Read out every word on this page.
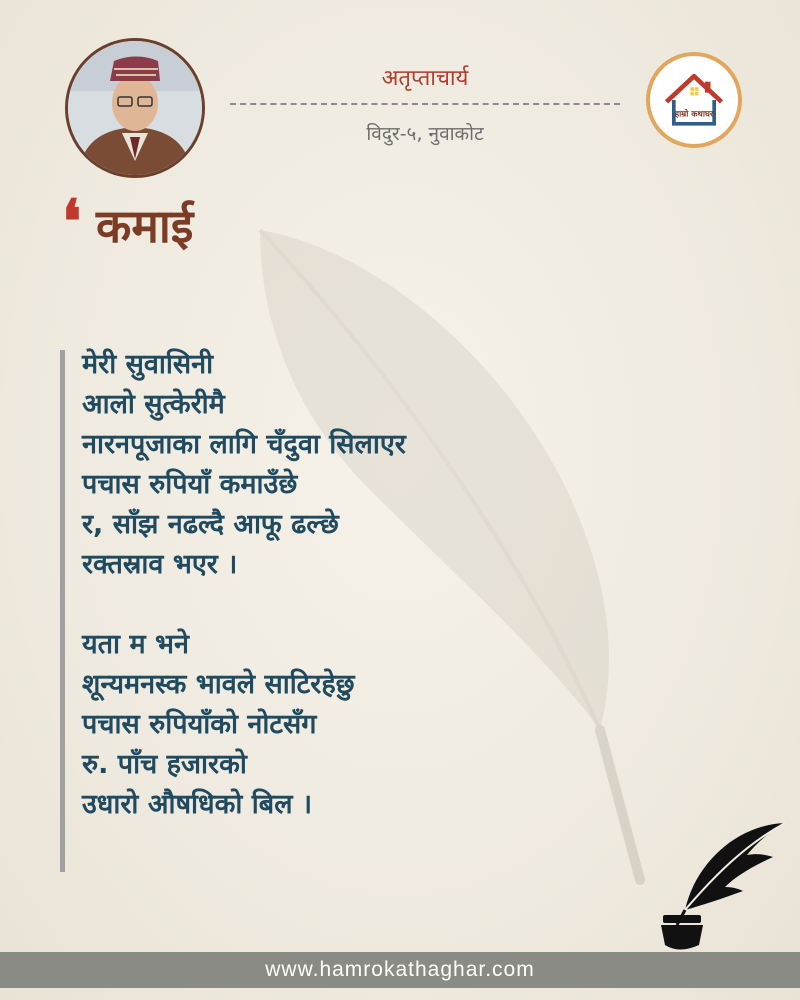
अतृप्ताचार्य
विदुर-५, नुवाकोट
हाम्रो कथाघर
❛ कमाई
मेरी सुवासिनी
आलो सुत्केरीमै
नारनपूजाका लागि चँदुवा सिलाएर
पचास रुपियाँ कमाउँछे
र, साँझ नढल्दै आफू ढल्छे
रक्तस्राव भएर ।
यता म भने
शून्यमनस्क भावले साटिरहेछु
पचास रुपियाँको नोटसँग
रु. पाँच हजारको
उधारो औषधिको बिल ।
www.hamrokathaghar.com
